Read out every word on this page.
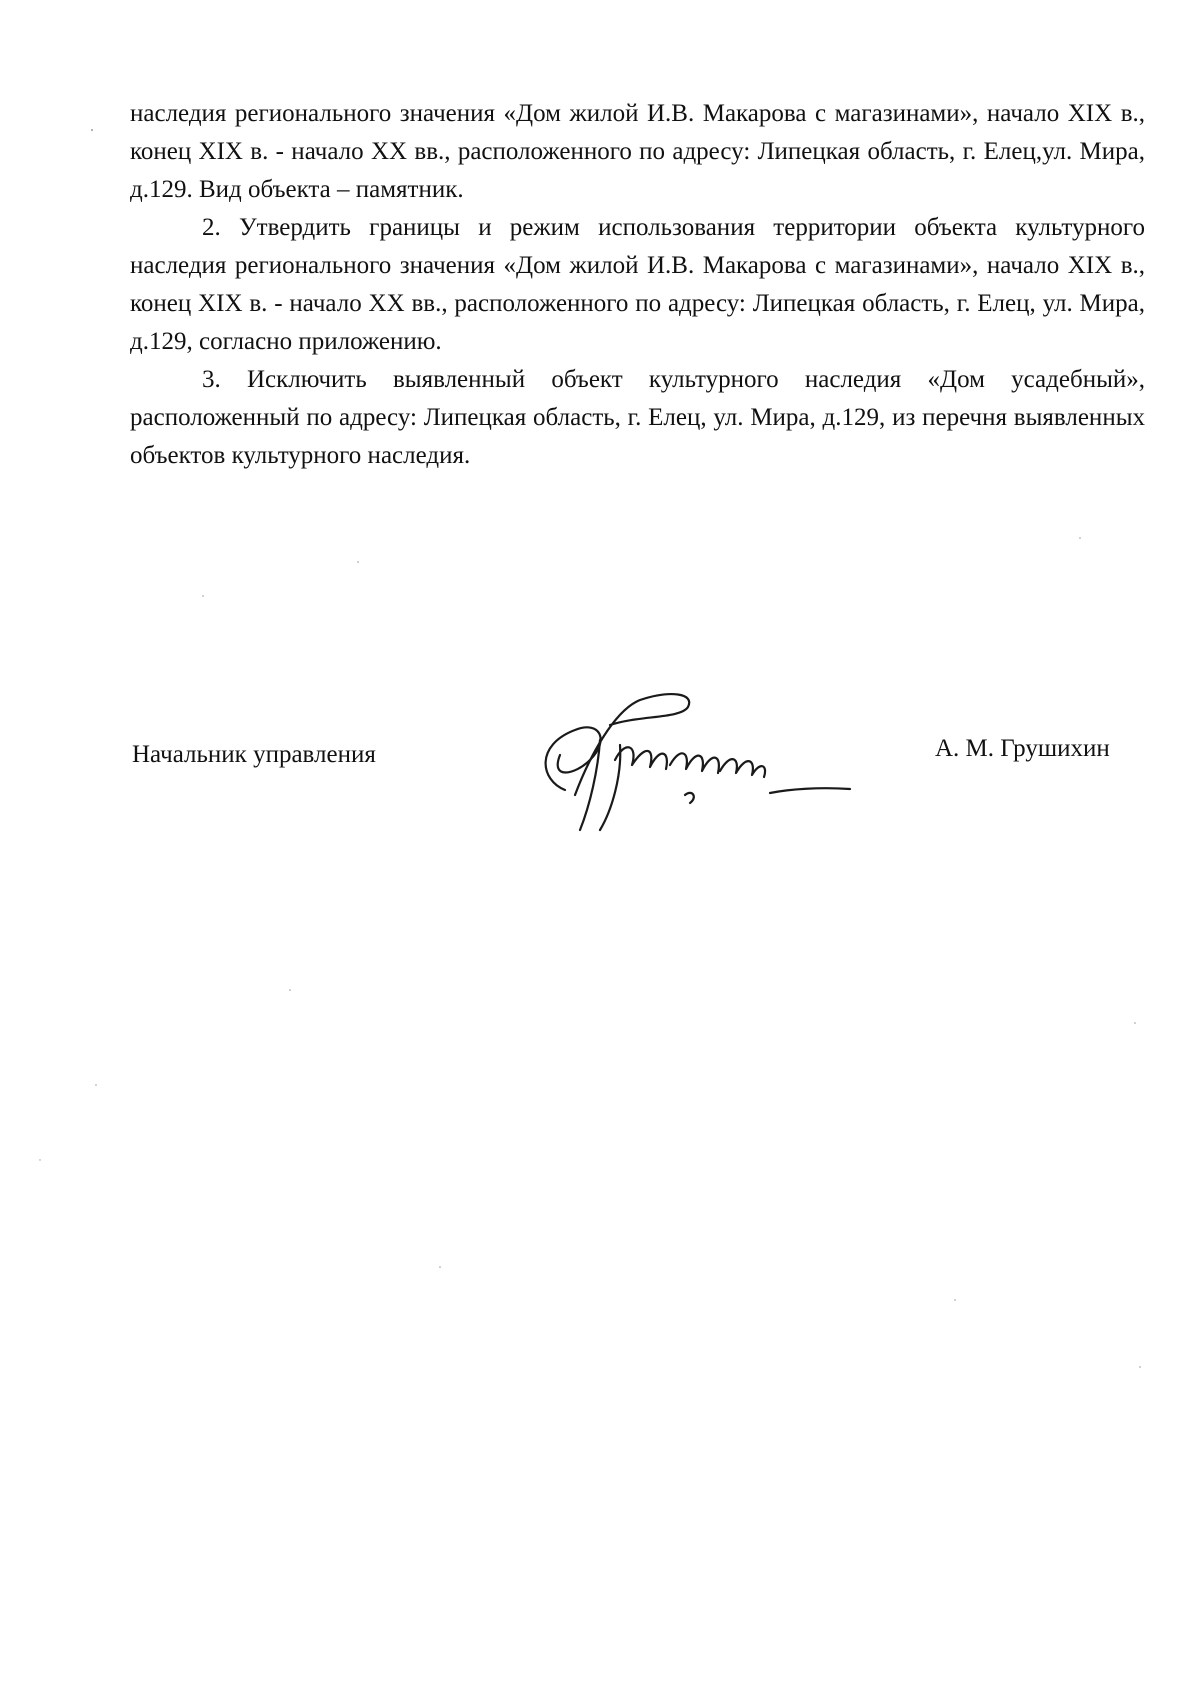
наследия регионального значения «Дом жилой И.В. Макарова с магазинами», начало XIX в., конец XIX в. - начало XX вв., расположенного по адресу: Липецкая область, г. Елец,ул. Мира, д.129. Вид объекта – памятник.

2. Утвердить границы и режим использования территории объекта культурного наследия регионального значения «Дом жилой И.В. Макарова с магазинами», начало XIX в., конец XIX в. - начало XX вв., расположенного по адресу: Липецкая область, г. Елец, ул. Мира, д.129, согласно приложению.

3. Исключить выявленный объект культурного наследия «Дом усадебный», расположенный по адресу: Липецкая область, г. Елец, ул. Мира, д.129, из перечня выявленных объектов культурного наследия.

Начальник управления	А. М. Грушихин
